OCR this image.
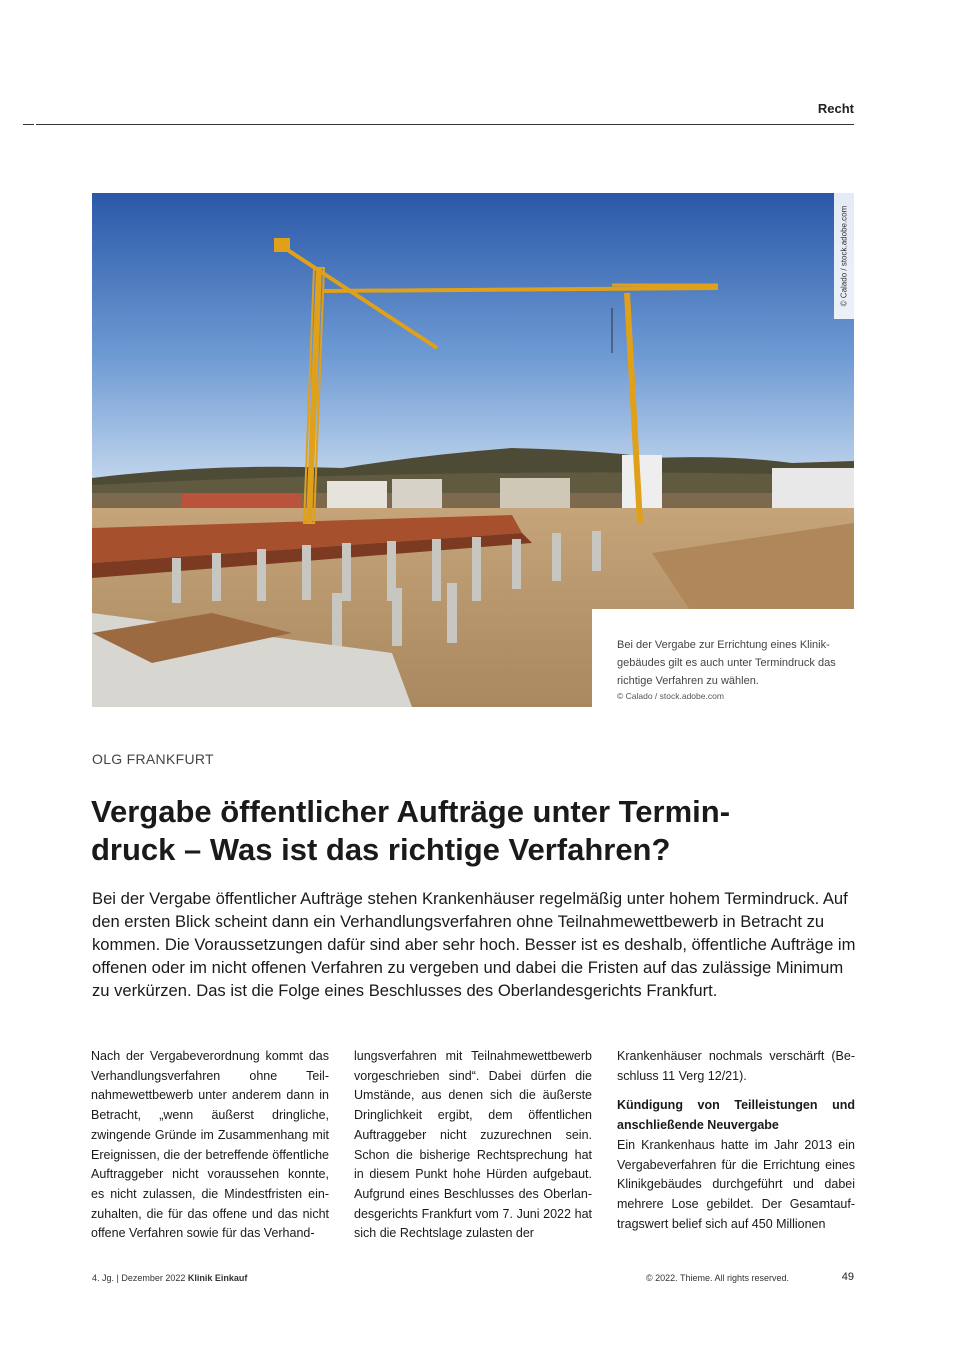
Recht
© Calado / stock.adobe.com
Bei der Vergabe zur Errichtung eines Klinik-gebäudes gilt es auch unter Termindruck das richtige Verfahren zu wählen.
© Calado / stock.adobe.com
OLG FRANKFURT
Vergabe öffentlicher Aufträge unter Termin-druck – Was ist das richtige Verfahren?

Bei der Vergabe öffentlicher Aufträge stehen Krankenhäuser regelmäßig unter hohem Termindruck. Auf den ersten Blick scheint dann ein Verhandlungsverfahren ohne Teilnahmewettbewerb in Betracht zu kommen. Die Voraussetzungen dafür sind aber sehr hoch. Besser ist es deshalb, öffentliche Aufträge im offenen oder im nicht offenen Verfahren zu vergeben und dabei die Fristen auf das zulässige Minimum zu verkürzen. Das ist die Folge eines Beschlusses des Oberlandesgerichts Frankfurt.

Nach der Vergabeverordnung kommt das Verhandlungsverfahren ohne Teil-nahmewettbewerb unter anderem dann in Betracht, „wenn äußerst dringliche, zwingende Gründe im Zusammenhang mit Ereignissen, die der betreffende öffentliche Auftraggeber nicht voraussehen konnte, es nicht zulassen, die Mindestfristen ein-zuhalten, die für das offene und das nicht offene Verfahren sowie für das Verhand-

lungsverfahren mit Teilnahmewettbewerb vorgeschrieben sind“. Dabei dürfen die Umstände, aus denen sich die äußerste Dringlichkeit ergibt, dem öffentlichen Auftraggeber nicht zuzurechnen sein. Schon die bisherige Rechtsprechung hat in diesem Punkt hohe Hürden aufgebaut. Aufgrund eines Beschlusses des Oberlan-desgerichts Frankfurt vom 7. Juni 2022 hat sich die Rechtslage zulasten der

Krankenhäuser nochmals verschärft (Be-schluss 11 Verg 12/21).

Kündigung von Teilleistungen und anschließende Neuvergabe

Ein Krankenhaus hatte im Jahr 2013 ein Vergabeverfahren für die Errichtung eines Klinikgebäudes durchgeführt und dabei mehrere Lose gebildet. Der Gesamtauf-tragswert belief sich auf 450 Millionen

4. Jg. | Dezember 2022 Klinik Einkauf	© 2022. Thieme. All rights reserved.	49
